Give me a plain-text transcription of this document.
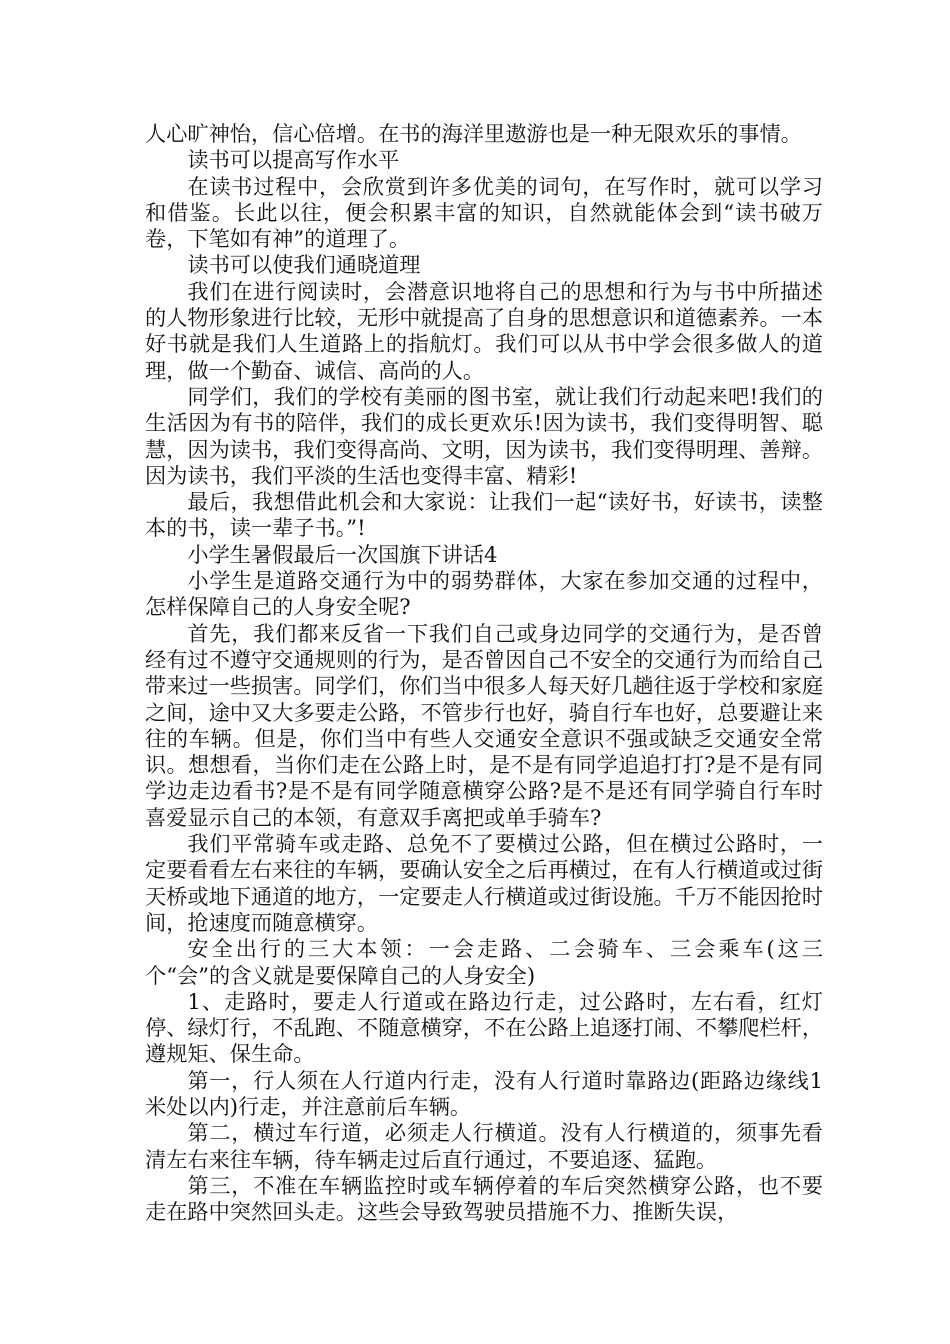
人心旷神怡，信心倍增。在书的海洋里遨游也是一种无限欢乐的事情。

读书可以提高写作水平

在读书过程中，会欣赏到许多优美的词句，在写作时，就可以学习和借鉴。长此以往，便会积累丰富的知识，自然就能体会到“读书破万卷，下笔如有神”的道理了。

读书可以使我们通晓道理

我们在进行阅读时，会潜意识地将自己的思想和行为与书中所描述的人物形象进行比较，无形中就提高了自身的思想意识和道德素养。一本好书就是我们人生道路上的指航灯。我们可以从书中学会很多做人的道理，做一个勤奋、诚信、高尚的人。

同学们，我们的学校有美丽的图书室，就让我们行动起来吧!我们的生活因为有书的陪伴，我们的成长更欢乐!因为读书，我们变得明智、聪慧，因为读书，我们变得高尚、文明，因为读书，我们变得明理、善辩。因为读书，我们平淡的生活也变得丰富、精彩!

最后，我想借此机会和大家说：让我们一起“读好书，好读书，读整本的书，读一辈子书。”!

小学生暑假最后一次国旗下讲话4

小学生是道路交通行为中的弱势群体，大家在参加交通的过程中，怎样保障自己的人身安全呢?

首先，我们都来反省一下我们自己或身边同学的交通行为，是否曾经有过不遵守交通规则的行为，是否曾因自己不安全的交通行为而给自己带来过一些损害。同学们，你们当中很多人每天好几趟往返于学校和家庭之间，途中又大多要走公路，不管步行也好，骑自行车也好，总要避让来往的车辆。但是，你们当中有些人交通安全意识不强或缺乏交通安全常识。想想看，当你们走在公路上时，是不是有同学追追打打?是不是有同学边走边看书?是不是有同学随意横穿公路?是不是还有同学骑自行车时喜爱显示自己的本领，有意双手离把或单手骑车?

我们平常骑车或走路、总免不了要横过公路，但在横过公路时，一定要看看左右来往的车辆，要确认安全之后再横过，在有人行横道或过街天桥或地下通道的地方，一定要走人行横道或过街设施。千万不能因抢时间，抢速度而随意横穿。

安全出行的三大本领：一会走路、二会骑车、三会乘车(这三个“会”的含义就是要保障自己的人身安全)

1、走路时，要走人行道或在路边行走，过公路时，左右看，红灯停、绿灯行，不乱跑、不随意横穿，不在公路上追逐打闹、不攀爬栏杆，遵规矩、保生命。

第一，行人须在人行道内行走，没有人行道时靠路边(距路边缘线1米处以内)行走，并注意前后车辆。

第二，横过车行道，必须走人行横道。没有人行横道的，须事先看清左右来往车辆，待车辆走过后直行通过，不要追逐、猛跑。

第三，不准在车辆监控时或车辆停着的车后突然横穿公路，也不要走在路中突然回头走。这些会导致驾驶员措施不力、推断失误，
